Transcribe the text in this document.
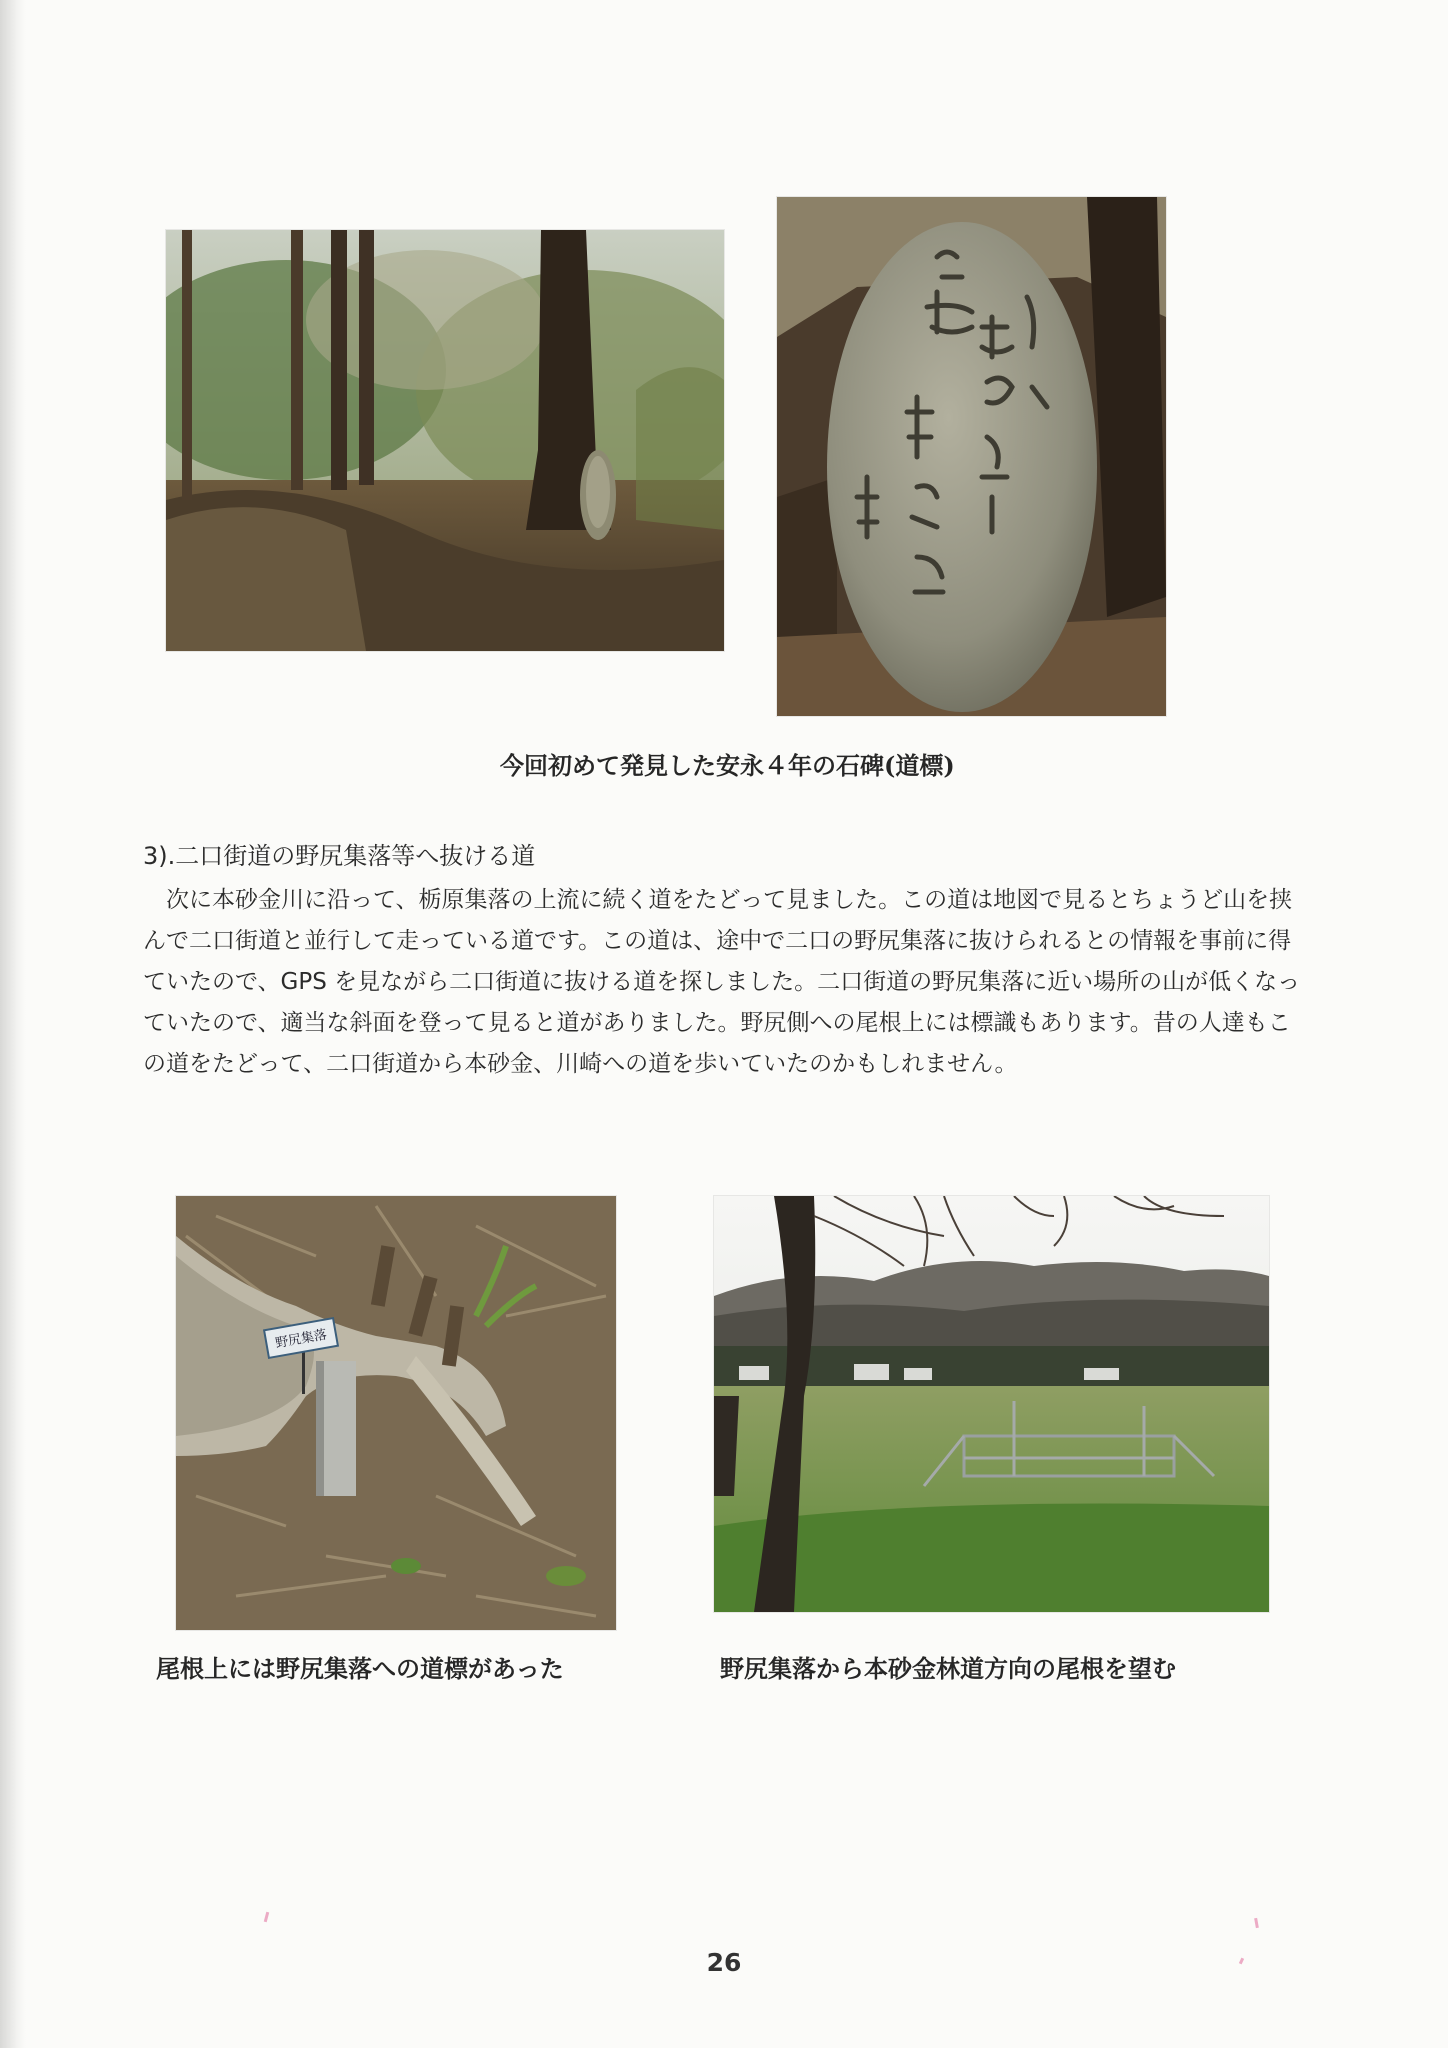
今回初めて発見した安永４年の石碑(道標)

3).二口街道の野尻集落等へ抜ける道

　次に本砂金川に沿って、栃原集落の上流に続く道をたどって見ました。この道は地図で見るとちょうど山を挟んで二口街道と並行して走っている道です。この道は、途中で二口の野尻集落に抜けられるとの情報を事前に得ていたので、GPS を見ながら二口街道に抜ける道を探しました。二口街道の野尻集落に近い場所の山が低くなっていたので、適当な斜面を登って見ると道がありました。野尻側への尾根上には標識もあります。昔の人達もこの道をたどって、二口街道から本砂金、川崎への道を歩いていたのかもしれません。

野尻集落

尾根上には野尻集落への道標があった	野尻集落から本砂金林道方向の尾根を望む

26
